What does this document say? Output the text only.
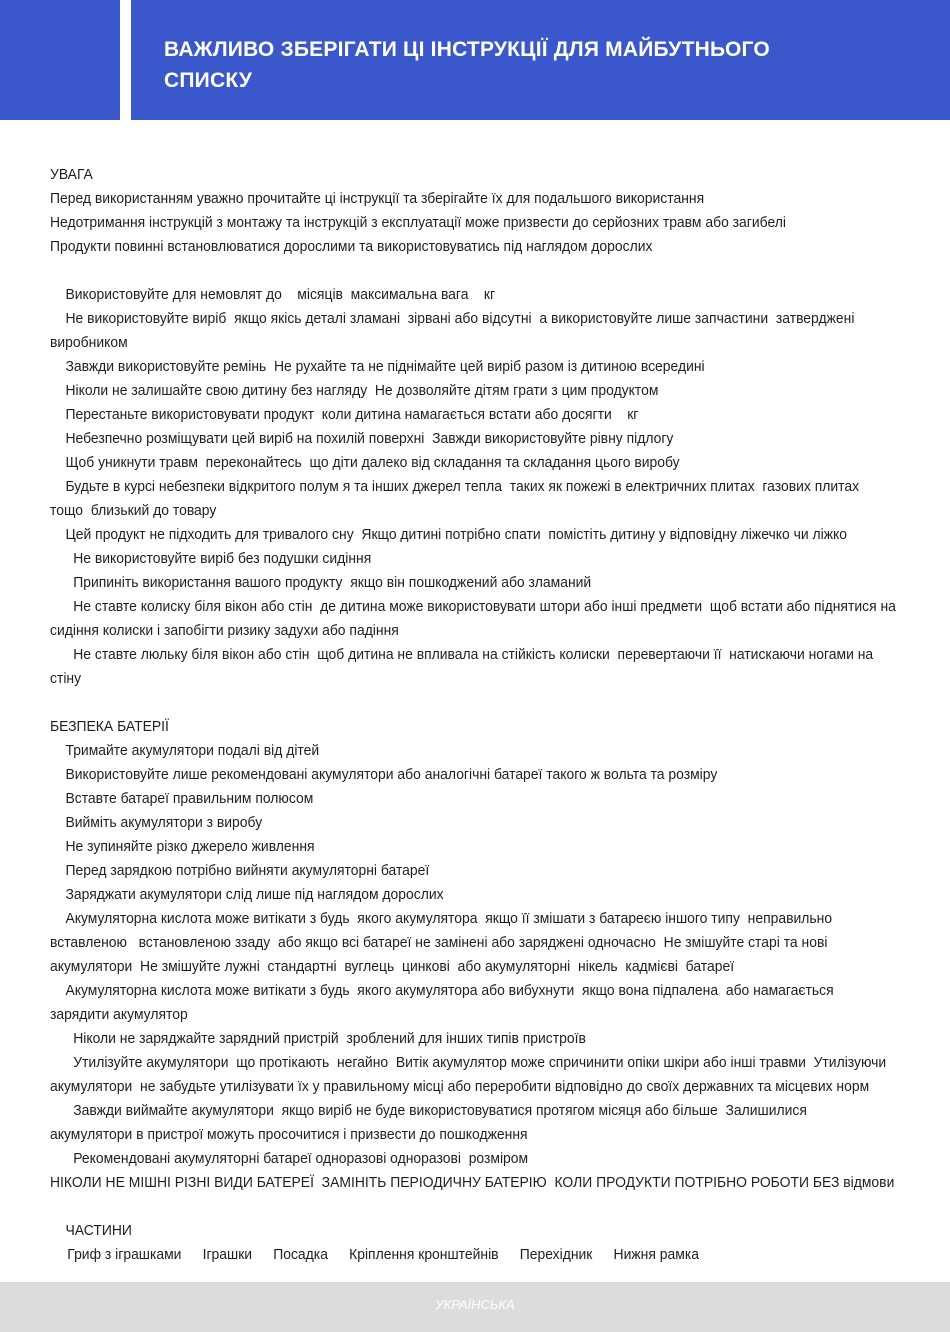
ВАЖЛИВО ЗБЕРІГАТИ ЦІ ІНСТРУКЦІЇ ДЛЯ МАЙБУТНЬОГО
СПИСКУ
УВАГА
Перед використанням уважно прочитайте ці інструкції та зберігайте їх для подальшого використання
Недотримання інструкцій з монтажу та інструкцій з експлуатації може призвести до серйозних травм або загибелі
Продукти повинні встановлюватися дорослими та використовуватись під наглядом дорослих
Використовуйте для немовлят до    місяців  максимальна вага    кг
Не використовуйте виріб  якщо якісь деталі зламані  зірвані або відсутні  а використовуйте лише запчастини  затверджені
виробником
Завжди використовуйте ремінь  Не рухайте та не піднімайте цей виріб разом із дитиною всередині
Ніколи не залишайте свою дитину без нагляду  Не дозволяйте дітям грати з цим продуктом
Перестаньте використовувати продукт  коли дитина намагається встати або досягти    кг
Небезпечно розміщувати цей виріб на похилій поверхні  Завжди використовуйте рівну підлогу
Щоб уникнути травм  переконайтесь  що діти далеко від складання та складання цього виробу
Будьте в курсі небезпеки відкритого полум я та інших джерел тепла  таких як пожежі в електричних плитах  газових плитах
тощо  близький до товару
Цей продукт не підходить для тривалого сну  Якщо дитині потрібно спати  помістіть дитину у відповідну ліжечко чи ліжко
Не використовуйте виріб без подушки сидіння
Припиніть використання вашого продукту  якщо він пошкоджений або зламаний
Не ставте колиску біля вікон або стін  де дитина може використовувати штори або інші предмети  щоб встати або піднятися на
сидіння колиски і запобігти ризику задухи або падіння
Не ставте люльку біля вікон або стін  щоб дитина не впливала на стійкість колиски  перевертаючи її  натискаючи ногами на
стіну
БЕЗПЕКА БАТЕРІЇ
Тримайте акумулятори подалі від дітей
Використовуйте лише рекомендовані акумулятори або аналогічні батареї такого ж вольта та розміру
Вставте батареї правильним полюсом
Вийміть акумулятори з виробу
Не зупиняйте різко джерело живлення
Перед зарядкою потрібно вийняти акумуляторні батареї
Заряджати акумулятори слід лише під наглядом дорослих
Акумуляторна кислота може витікати з будь  якого акумулятора  якщо її змішати з батареєю іншого типу  неправильно
вставленою   встановленою ззаду  або якщо всі батареї не замінені або заряджені одночасно  Не змішуйте старі та нові
акумулятори  Не змішуйте лужні  стандартні  вуглець  цинкові  або акумуляторні  нікель  кадмієві  батареї
Акумуляторна кислота може витікати з будь  якого акумулятора або вибухнути  якщо вона підпалена  або намагається
зарядити акумулятор
Ніколи не заряджайте зарядний пристрій  зроблений для інших типів пристроїв
Утилізуйте акумулятори  що протікають  негайно  Витік акумулятор може спричинити опіки шкіри або інші травми  Утилізуючи
акумулятори  не забудьте утилізувати їх у правильному місці або переробити відповідно до своїх державних та місцевих норм
Завжди виймайте акумулятори  якщо виріб не буде використовуватися протягом місяця або більше  Залишилися
акумулятори в пристрої можуть просочитися і призвести до пошкодження
Рекомендовані акумуляторні батареї одноразові одноразові  розміром
НІКОЛИ НЕ МІШНІ РІЗНІ ВИДИ БАТЕРЕЇ  ЗАМІНІТЬ ПЕРІОДИЧНУ БАТЕРІЮ  КОЛИ ПРОДУКТИ ПОТРІБНО РОБОТИ БЕЗ відмови
ЧАСТИНИ
Гриф з іграшками Іграшки Посадка Кріплення кронштейнів Перехідник Нижня рамка
УКРАЇНСЬКА
